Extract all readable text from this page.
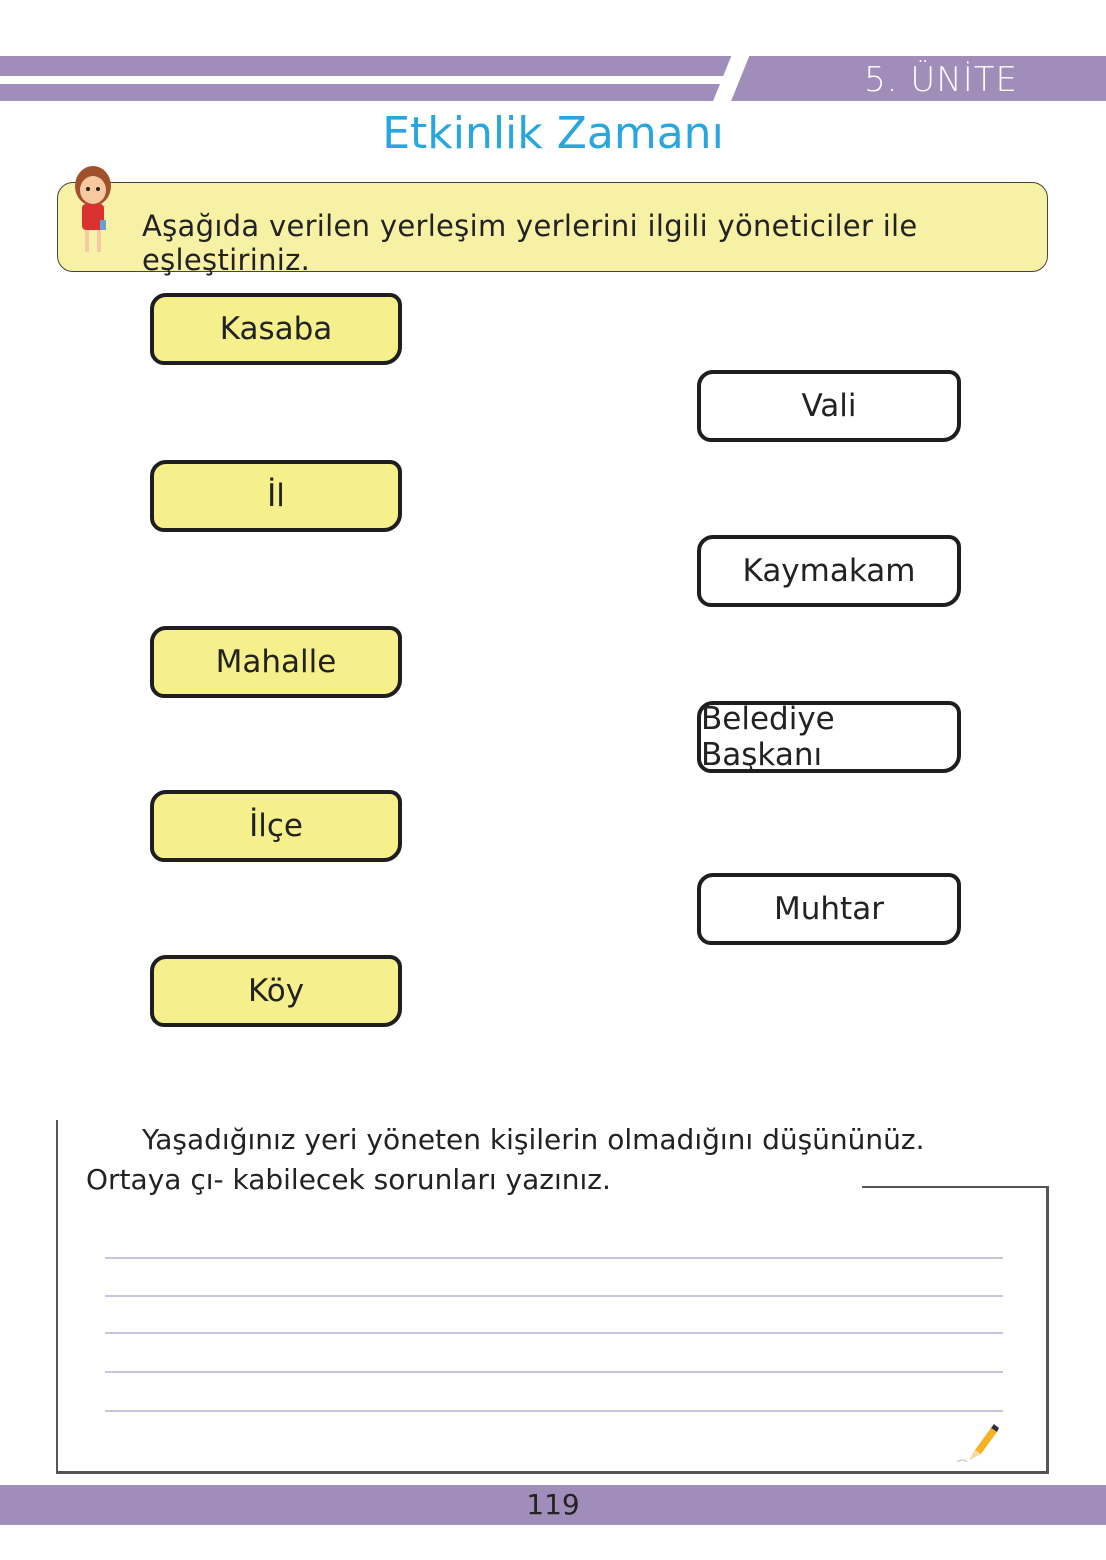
5. ÜNİTE
Etkinlik Zamanı
Aşağıda verilen yerleşim yerlerini ilgili yöneticiler ile eşleştiriniz.
Kasaba
İl
Mahalle
İlçe
Köy
Vali
Kaymakam
Belediye Başkanı
Muhtar
Yaşadığınız yeri yöneten kişilerin olmadığını düşününüz. Ortaya çı- kabilecek sorunları yazınız.
119
